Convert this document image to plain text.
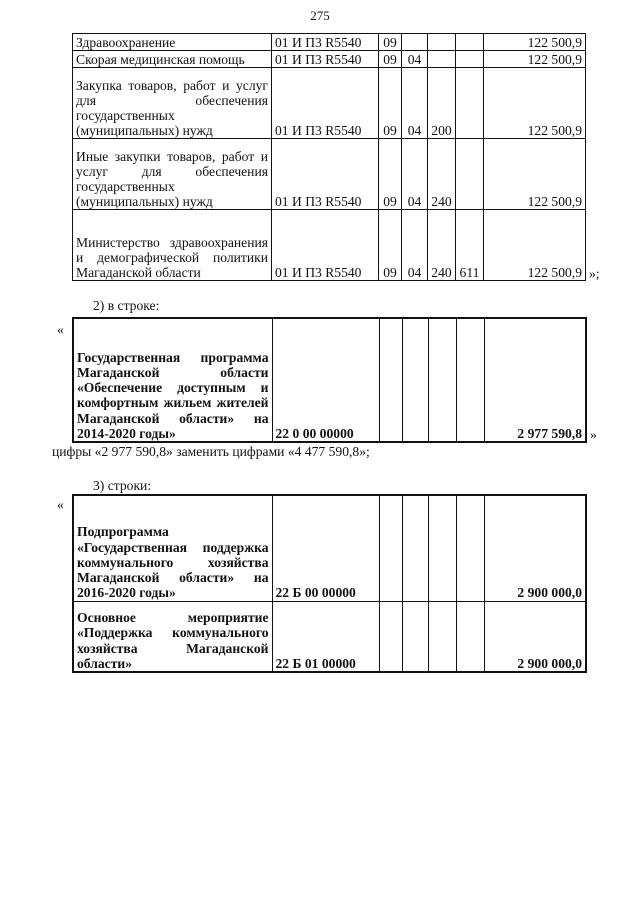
275
Здравоохранение	01 И П3 R5540	09				122 500,9
Скорая медицинская помощь	01 И П3 R5540	09	04			122 500,9
Закупка товаров, работ и услуг для обеспечения государственных (муниципальных) нужд	01 И П3 R5540	09	04	200		122 500,9
Иные закупки товаров, работ и услуг для обеспечения государственных (муниципальных) нужд	01 И П3 R5540	09	04	240		122 500,9
Министерство здравоохранения и демографической политики Магаданской области	01 И П3 R5540	09	04	240	611	122 500,9 »;
2) в строке:
«
Государственная программа Магаданской области «Обеспечение доступным и комфортным жильем жителей Магаданской области» на 2014-2020 годы»	22 0 00 00000					2 977 590,8 »
цифры «2 977 590,8» заменить цифрами «4 477 590,8»;
3) строки:
«
Подпрограмма «Государственная поддержка коммунального хозяйства Магаданской области» на 2016-2020 годы»	22 Б 00 00000					2 900 000,0
Основное мероприятие «Поддержка коммунального хозяйства Магаданской области»	22 Б 01 00000					2 900 000,0
